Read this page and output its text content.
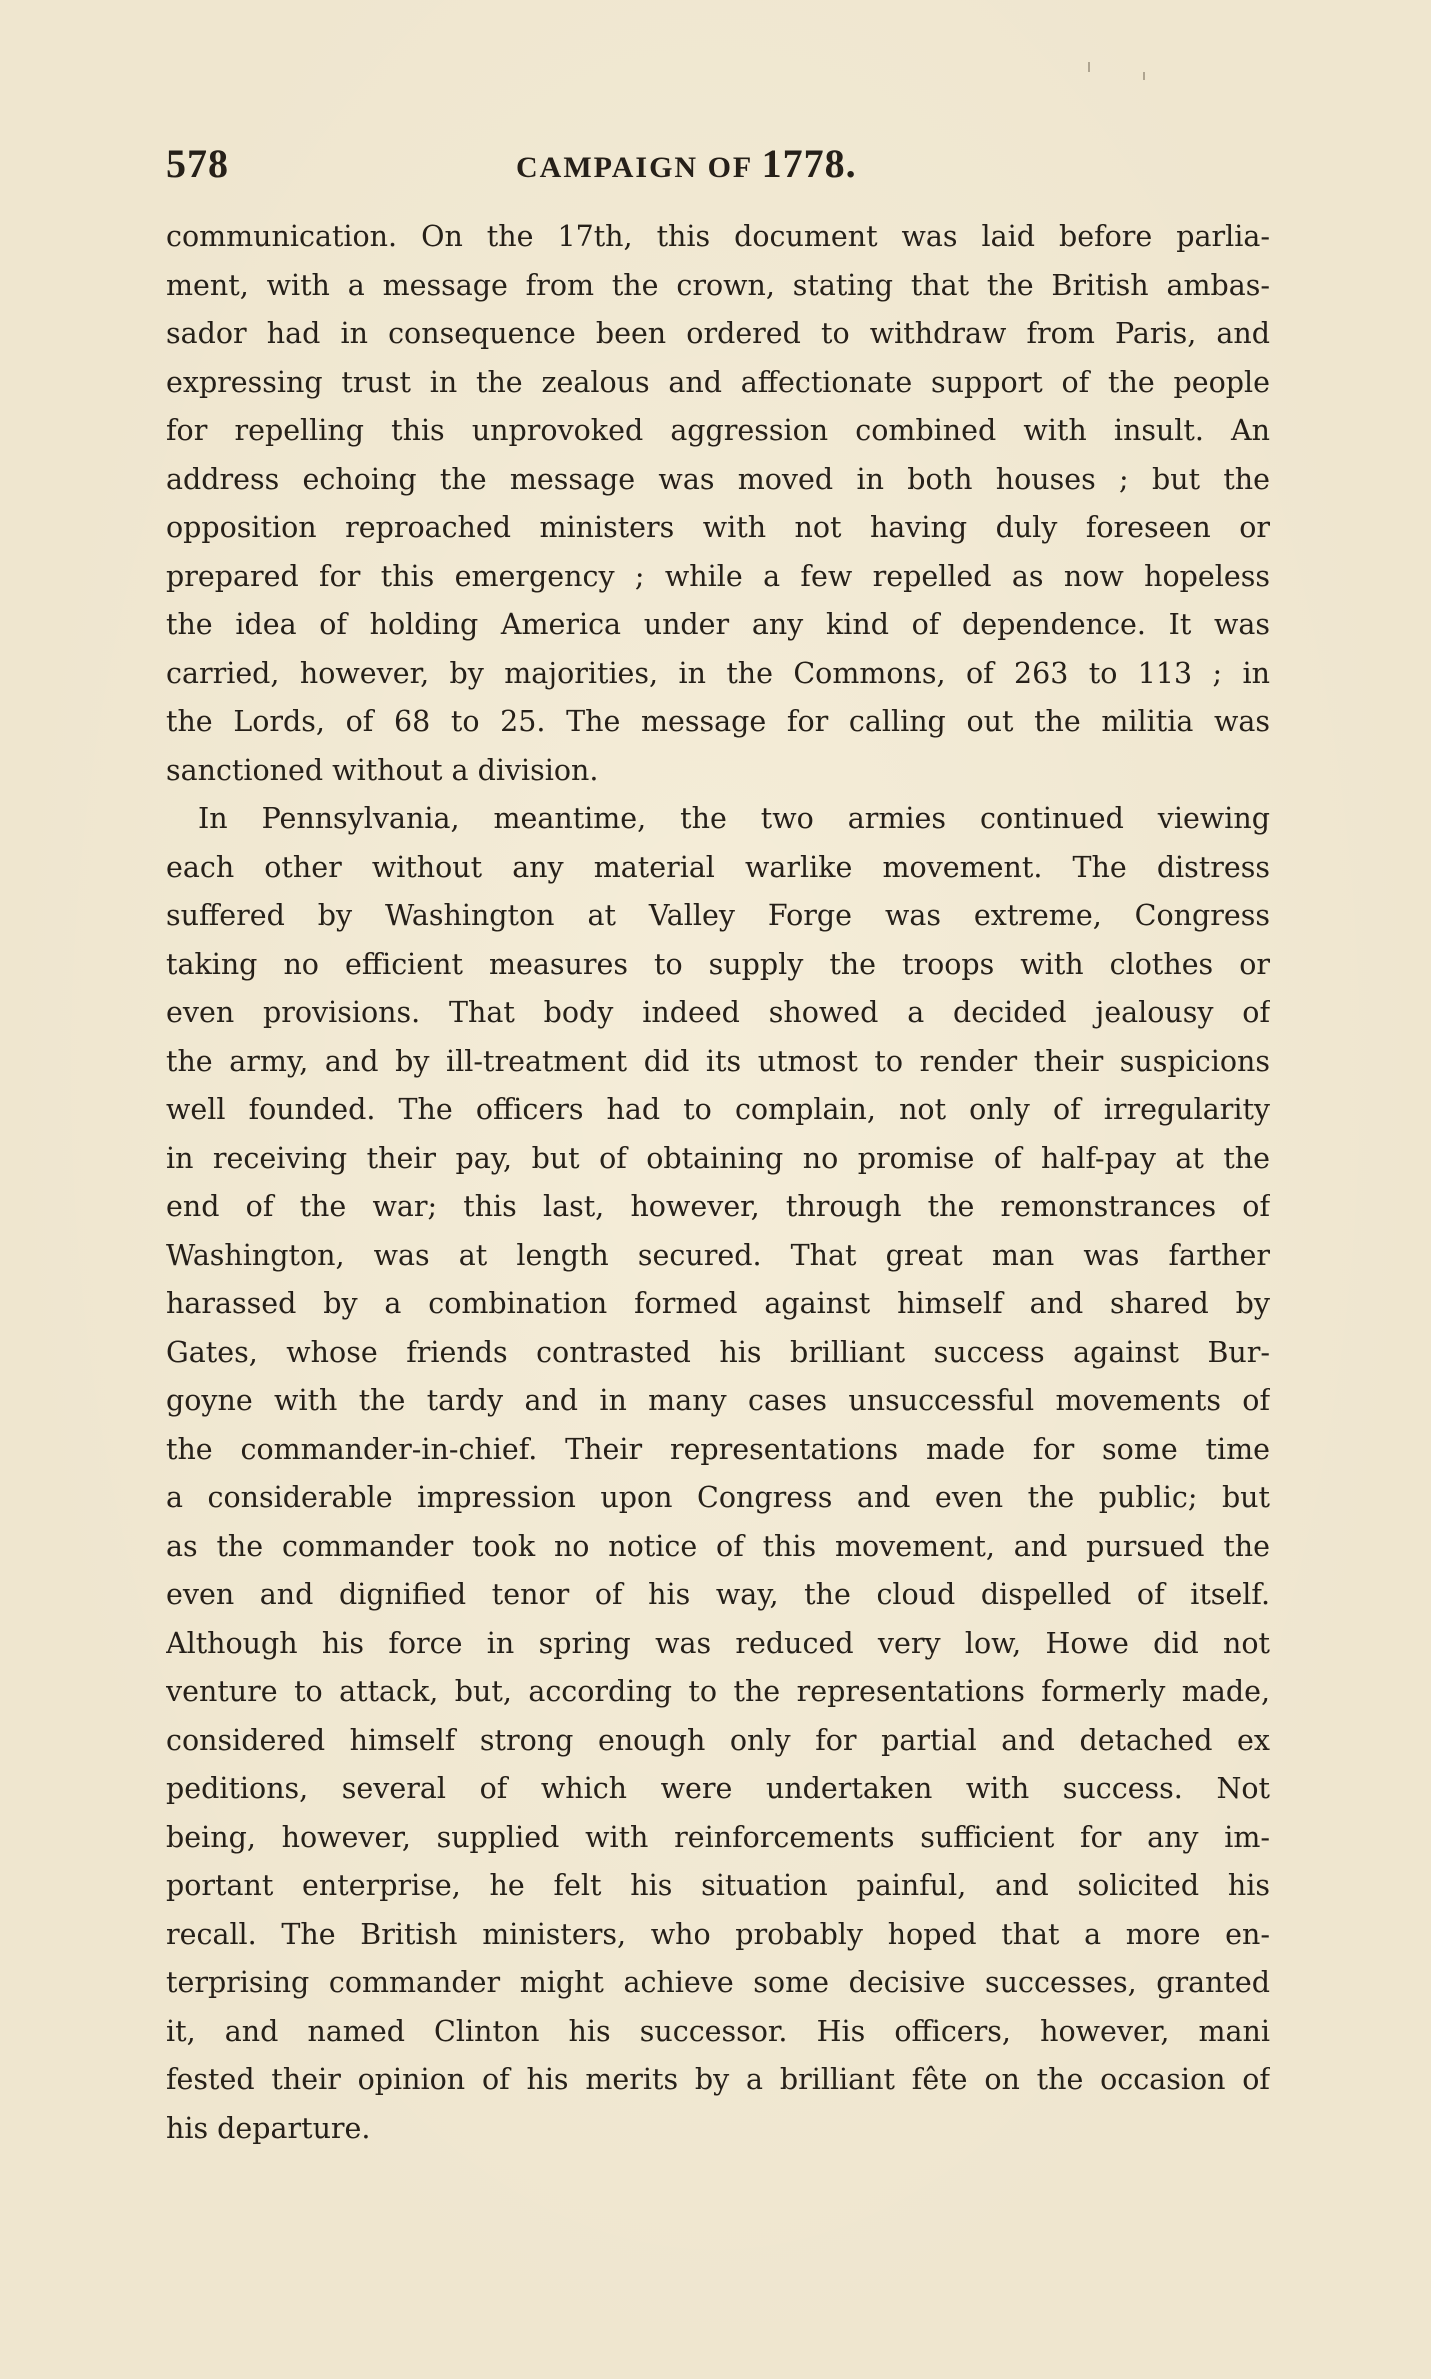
578	CAMPAIGN OF 1778.
communication. On the 17th, this document was laid before parlia-
ment, with a message from the crown, stating that the British ambas-
sador had in consequence been ordered to withdraw from Paris, and
expressing trust in the zealous and affectionate support of the people
for repelling this unprovoked aggression combined with insult. An
address echoing the message was moved in both houses ; but the
opposition reproached ministers with not having duly foreseen or
prepared for this emergency ; while a few repelled as now hopeless
the idea of holding America under any kind of dependence. It was
carried, however, by majorities, in the Commons, of 263 to 113 ; in
the Lords, of 68 to 25. The message for calling out the militia was
sanctioned without a division.
In Pennsylvania, meantime, the two armies continued viewing
each other without any material warlike movement. The distress
suffered by Washington at Valley Forge was extreme, Congress
taking no efficient measures to supply the troops with clothes or
even provisions. That body indeed showed a decided jealousy of
the army, and by ill-treatment did its utmost to render their suspicions
well founded. The officers had to complain, not only of irregularity
in receiving their pay, but of obtaining no promise of half-pay at the
end of the war; this last, however, through the remonstrances of
Washington, was at length secured. That great man was farther
harassed by a combination formed against himself and shared by
Gates, whose friends contrasted his brilliant success against Bur-
goyne with the tardy and in many cases unsuccessful movements of
the commander-in-chief. Their representations made for some time
a considerable impression upon Congress and even the public; but
as the commander took no notice of this movement, and pursued the
even and dignified tenor of his way, the cloud dispelled of itself.
Although his force in spring was reduced very low, Howe did not
venture to attack, but, according to the representations formerly made,
considered himself strong enough only for partial and detached ex
peditions, several of which were undertaken with success. Not
being, however, supplied with reinforcements sufficient for any im-
portant enterprise, he felt his situation painful, and solicited his
recall. The British ministers, who probably hoped that a more en-
terprising commander might achieve some decisive successes, granted
it, and named Clinton his successor. His officers, however, mani
fested their opinion of his merits by a brilliant fête on the occasion of
his departure.
